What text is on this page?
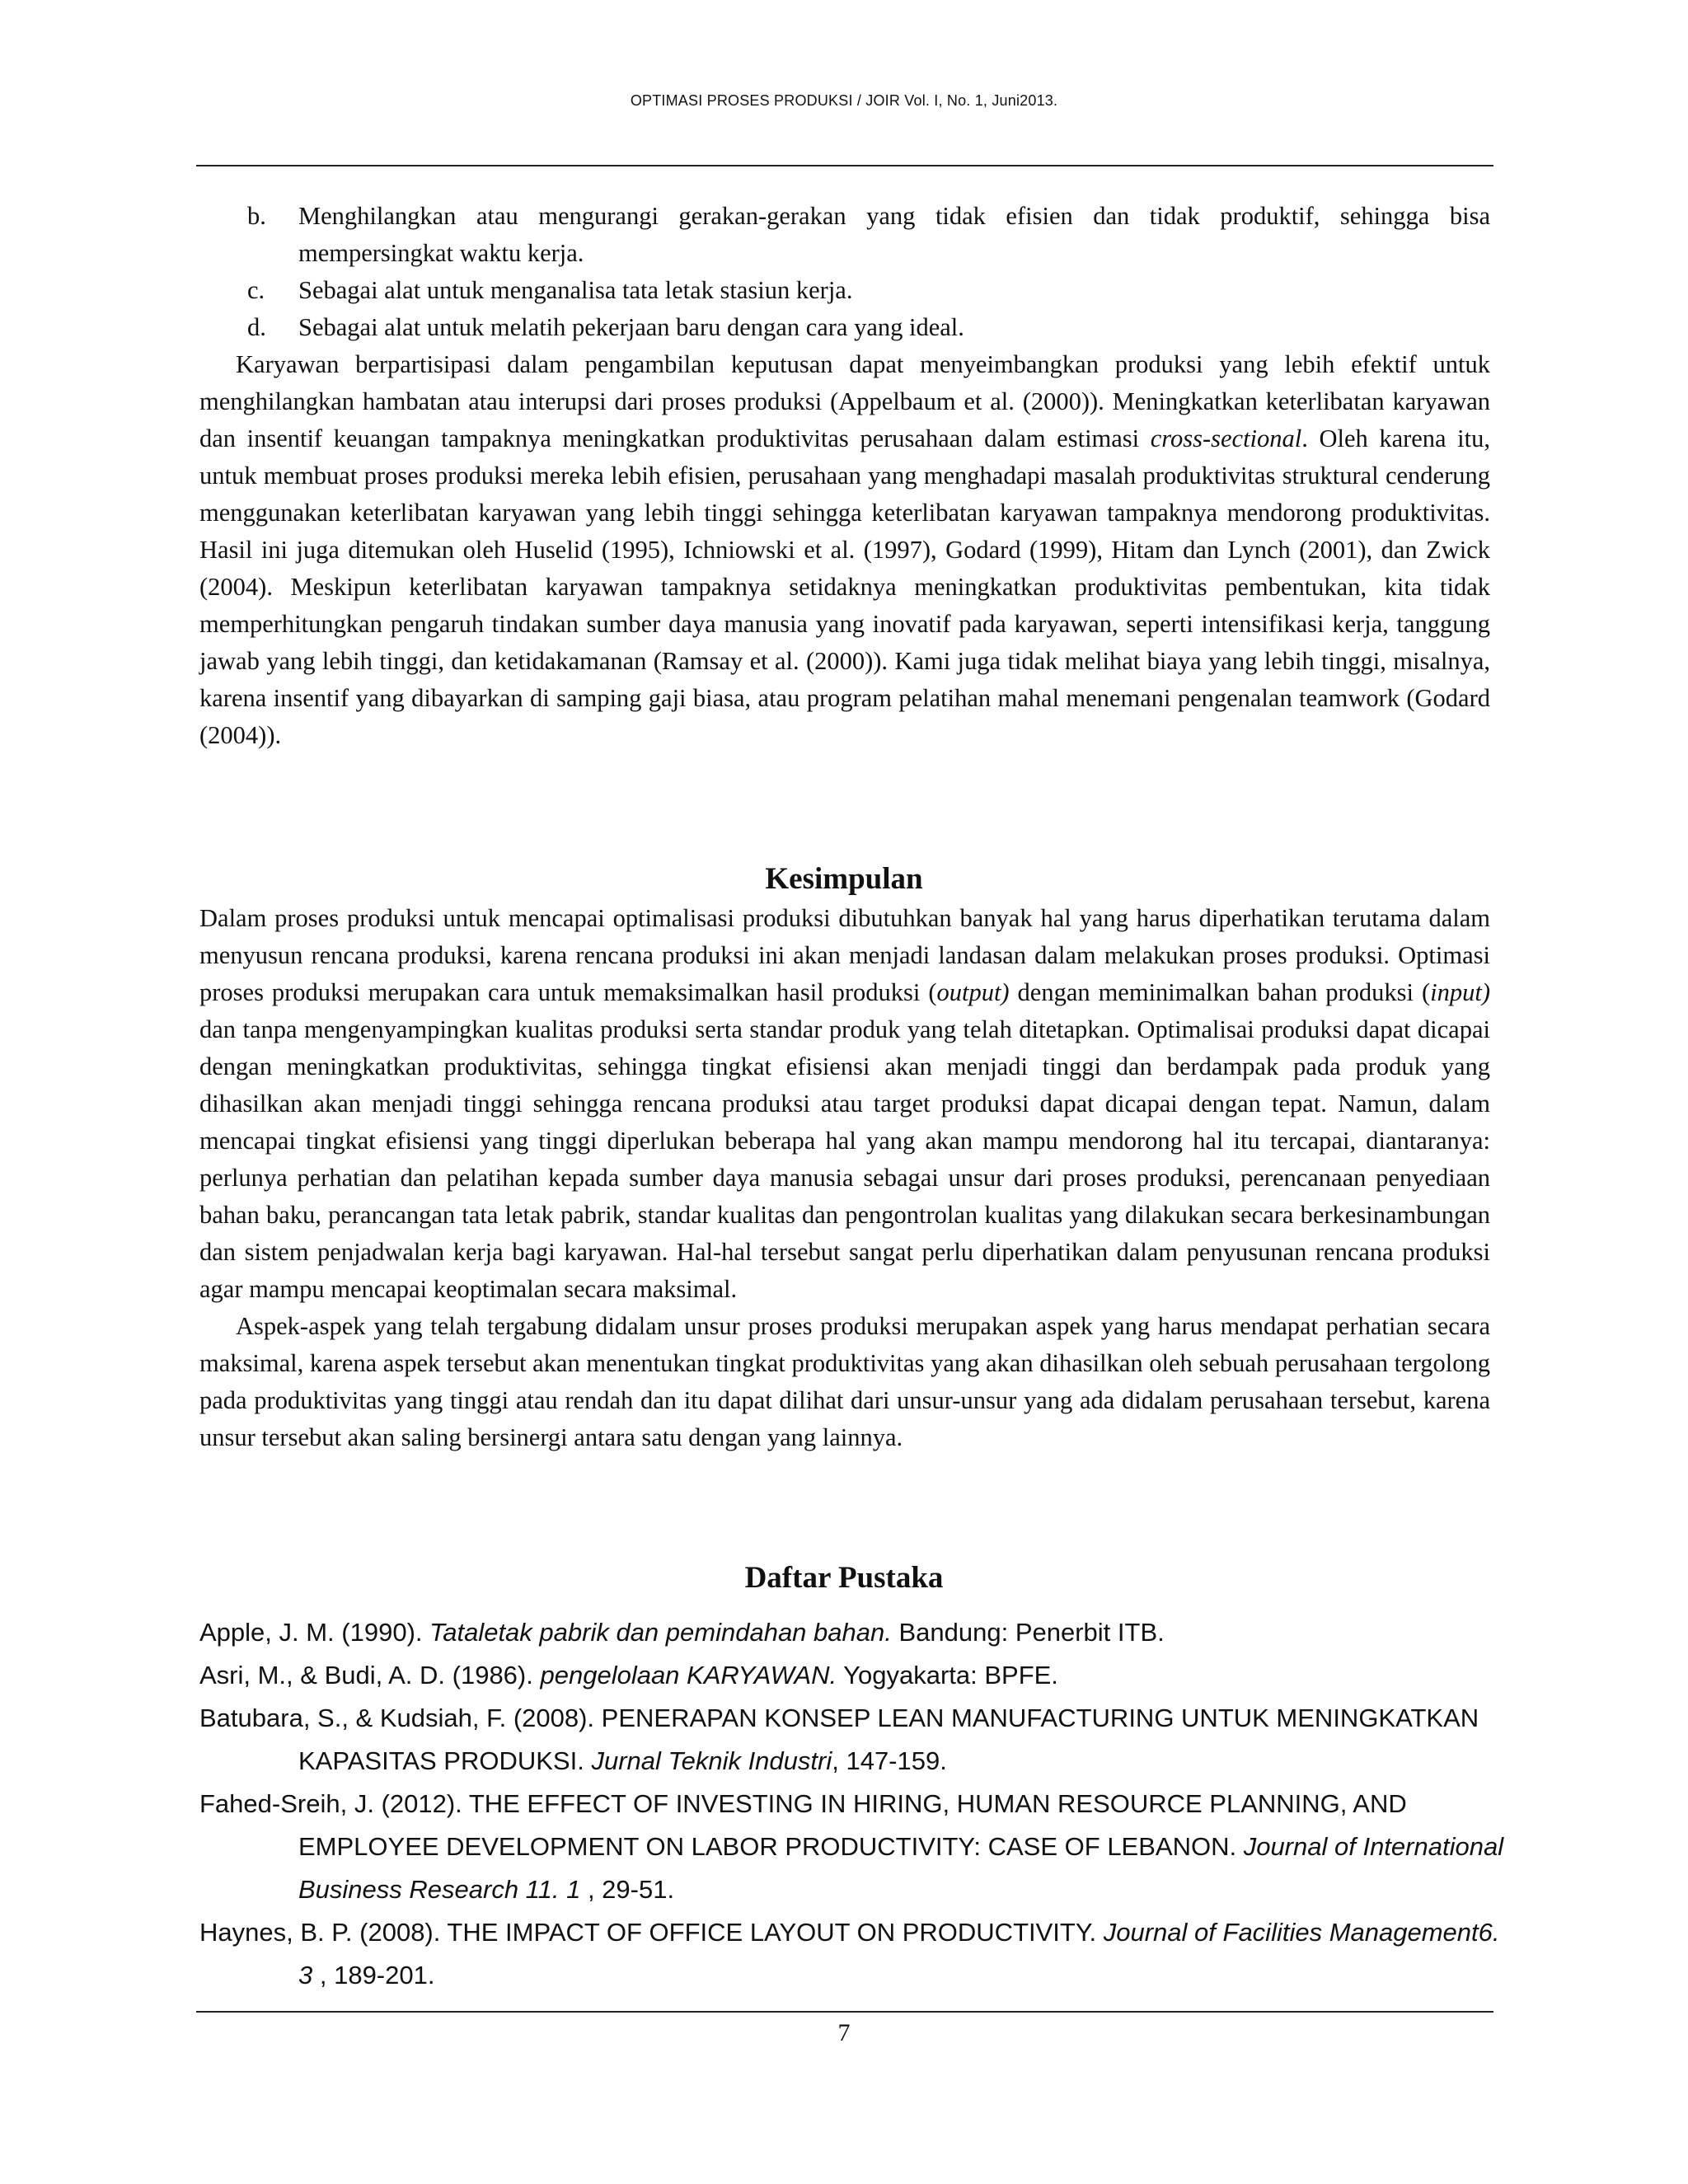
OPTIMASI PROSES PRODUKSI / JOIR Vol. I, No. 1, Juni2013.
b. Menghilangkan atau mengurangi gerakan-gerakan yang tidak efisien dan tidak produktif, sehingga bisa mempersingkat waktu kerja.
c. Sebagai alat untuk menganalisa tata letak stasiun kerja.
d. Sebagai alat untuk melatih pekerjaan baru dengan cara yang ideal.

Karyawan berpartisipasi dalam pengambilan keputusan dapat menyeimbangkan produksi yang lebih efektif untuk menghilangkan hambatan atau interupsi dari proses produksi (Appelbaum et al. (2000)). Meningkatkan keterlibatan karyawan dan insentif keuangan tampaknya meningkatkan produktivitas perusahaan dalam estimasi cross-sectional. Oleh karena itu, untuk membuat proses produksi mereka lebih efisien, perusahaan yang menghadapi masalah produktivitas struktural cenderung menggunakan keterlibatan karyawan yang lebih tinggi sehingga keterlibatan karyawan tampaknya mendorong produktivitas. Hasil ini juga ditemukan oleh Huselid (1995), Ichniowski et al. (1997), Godard (1999), Hitam dan Lynch (2001), dan Zwick (2004). Meskipun keterlibatan karyawan tampaknya setidaknya meningkatkan produktivitas pembentukan, kita tidak memperhitungkan pengaruh tindakan sumber daya manusia yang inovatif pada karyawan, seperti intensifikasi kerja, tanggung jawab yang lebih tinggi, dan ketidakamanan (Ramsay et al. (2000)). Kami juga tidak melihat biaya yang lebih tinggi, misalnya, karena insentif yang dibayarkan di samping gaji biasa, atau program pelatihan mahal menemani pengenalan teamwork (Godard (2004)).

Kesimpulan

Dalam proses produksi untuk mencapai optimalisasi produksi dibutuhkan banyak hal yang harus diperhatikan terutama dalam menyusun rencana produksi, karena rencana produksi ini akan menjadi landasan dalam melakukan proses produksi. Optimasi proses produksi merupakan cara untuk memaksimalkan hasil produksi (output) dengan meminimalkan bahan produksi (input) dan tanpa mengenyampingkan kualitas produksi serta standar produk yang telah ditetapkan. Optimalisai produksi dapat dicapai dengan meningkatkan produktivitas, sehingga tingkat efisiensi akan menjadi tinggi dan berdampak pada produk yang dihasilkan akan menjadi tinggi sehingga rencana produksi atau target produksi dapat dicapai dengan tepat. Namun, dalam mencapai tingkat efisiensi yang tinggi diperlukan beberapa hal yang akan mampu mendorong hal itu tercapai, diantaranya: perlunya perhatian dan pelatihan kepada sumber daya manusia sebagai unsur dari proses produksi, perencanaan penyediaan bahan baku, perancangan tata letak pabrik, standar kualitas dan pengontrolan kualitas yang dilakukan secara berkesinambungan dan sistem penjadwalan kerja bagi karyawan. Hal-hal tersebut sangat perlu diperhatikan dalam penyusunan rencana produksi agar mampu mencapai keoptimalan secara maksimal.

Aspek-aspek yang telah tergabung didalam unsur proses produksi merupakan aspek yang harus mendapat perhatian secara maksimal, karena aspek tersebut akan menentukan tingkat produktivitas yang akan dihasilkan oleh sebuah perusahaan tergolong pada produktivitas yang tinggi atau rendah dan itu dapat dilihat dari unsur-unsur yang ada didalam perusahaan tersebut, karena unsur tersebut akan saling bersinergi antara satu dengan yang lainnya.

Daftar Pustaka

Apple, J. M. (1990). Tataletak pabrik dan pemindahan bahan. Bandung: Penerbit ITB.

Asri, M., & Budi, A. D. (1986). pengelolaan KARYAWAN. Yogyakarta: BPFE.

Batubara, S., & Kudsiah, F. (2008). PENERAPAN KONSEP LEAN MANUFACTURING UNTUK MENINGKATKAN KAPASITAS PRODUKSI. Jurnal Teknik Industri, 147-159.

Fahed-Sreih, J. (2012). THE EFFECT OF INVESTING IN HIRING, HUMAN RESOURCE PLANNING, AND EMPLOYEE DEVELOPMENT ON LABOR PRODUCTIVITY: CASE OF LEBANON. Journal of International Business Research 11. 1 , 29-51.

Haynes, B. P. (2008). THE IMPACT OF OFFICE LAYOUT ON PRODUCTIVITY. Journal of Facilities Management6. 3 , 189-201.

7
